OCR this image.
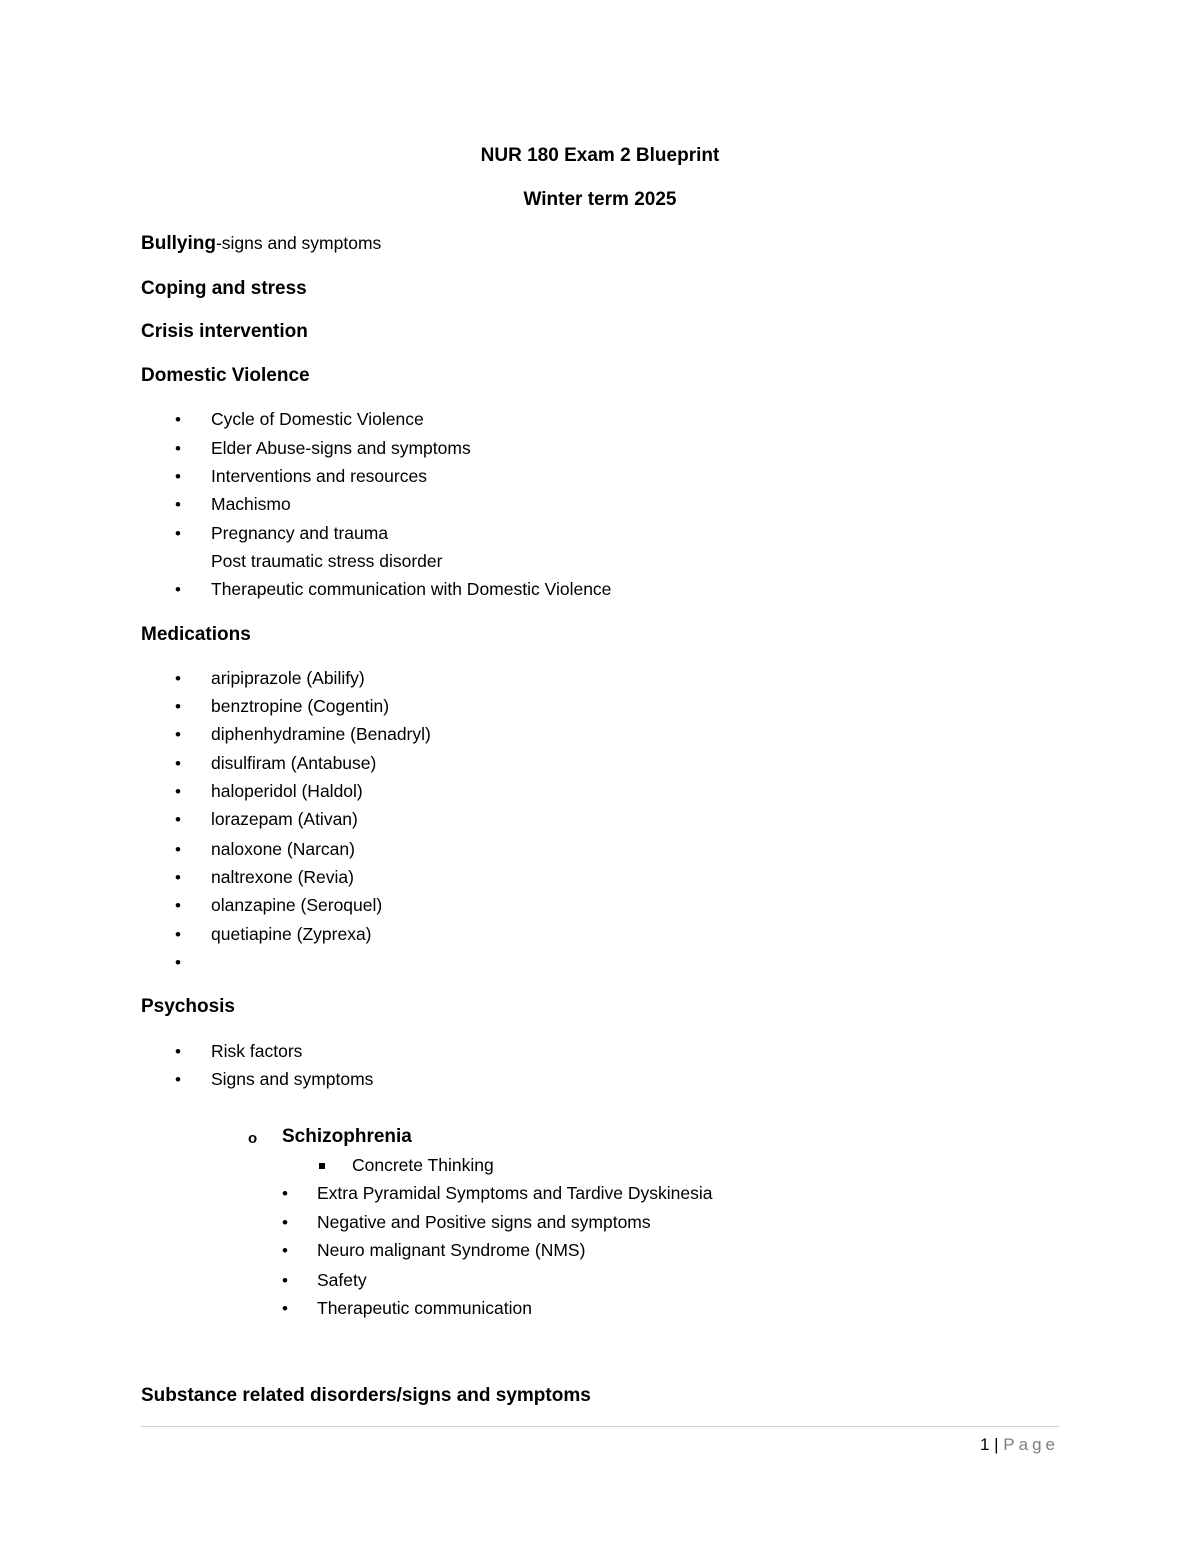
NUR 180 Exam 2 Blueprint
Winter term 2025
Bullying-signs and symptoms
Coping and stress
Crisis intervention
Domestic Violence
• Cycle of Domestic Violence
• Elder Abuse-signs and symptoms
• Interventions and resources
• Machismo
• Pregnancy and trauma
Post traumatic stress disorder
• Therapeutic communication with Domestic Violence
Medications
• aripiprazole (Abilify)
• benztropine (Cogentin)
• diphenhydramine (Benadryl)
• disulfiram (Antabuse)
• haloperidol (Haldol)
• lorazepam (Ativan)
• naloxone (Narcan)
• naltrexone (Revia)
• olanzapine (Seroquel)
• quetiapine (Zyprexa)
•
Psychosis
• Risk factors
• Signs and symptoms
o Schizophrenia
Concrete Thinking
• Extra Pyramidal Symptoms and Tardive Dyskinesia
• Negative and Positive signs and symptoms
• Neuro malignant Syndrome (NMS)
• Safety
• Therapeutic communication
Substance related disorders/signs and symptoms
1 | Page
